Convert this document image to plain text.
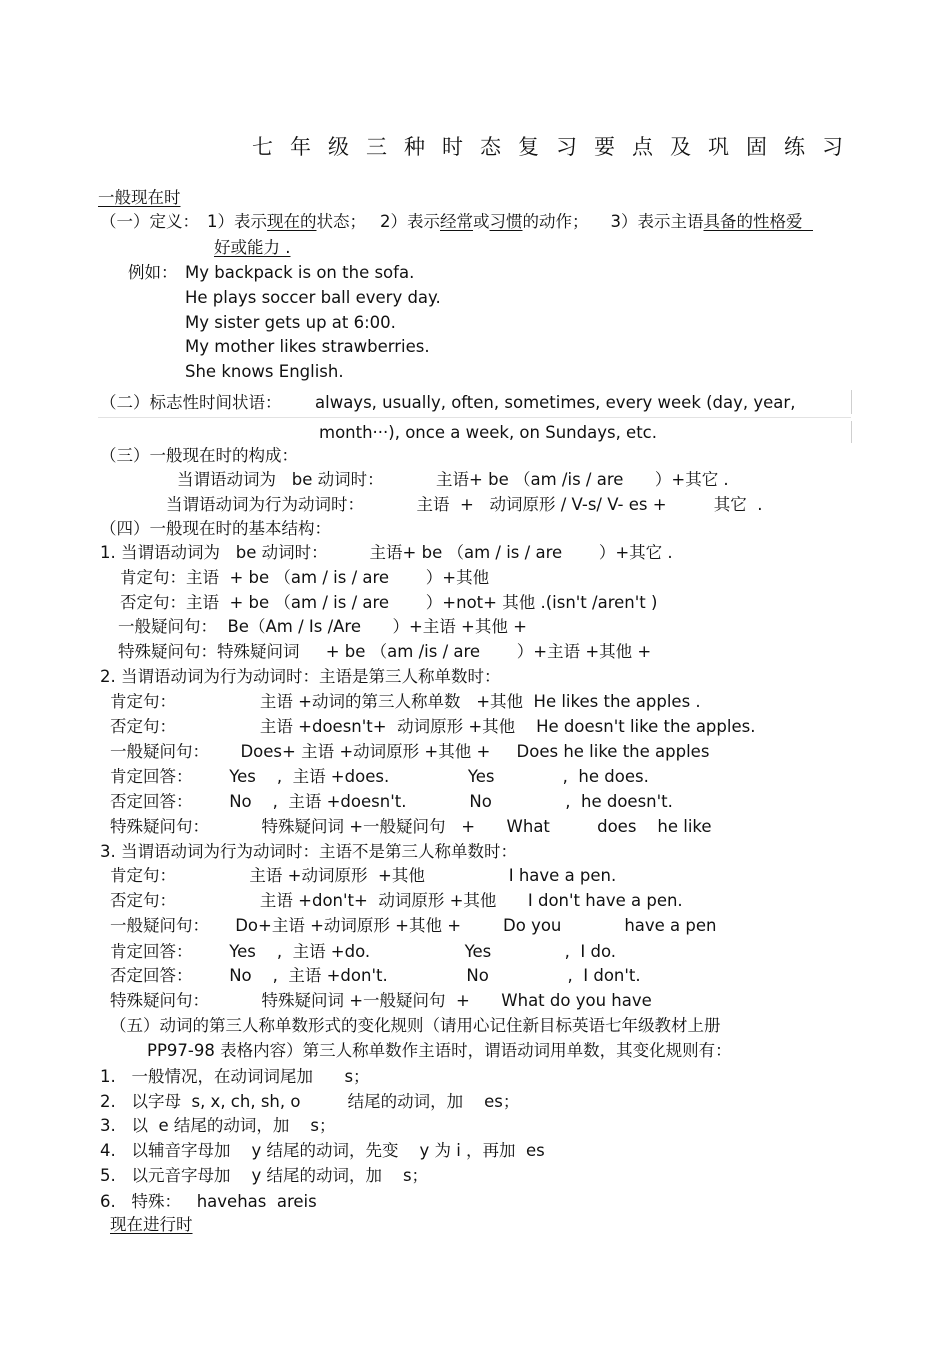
七年级三种时态复习要点及巩固练习
一般现在时
（一）定义： 1）表示现在的状态； 2）表示经常或习惯的动作； 3）表示主语具备的性格爱
好或能力 .
例如： My backpack is on the sofa.
He plays soccer ball every day.
My sister gets up at 6:00.
My mother likes strawberries.
She knows English.
（二）标志性时间状语： always, usually, often, sometimes, every week (day, year,
month···), once a week, on Sundays, etc.
（三）一般现在时的构成：
当谓语动词为   be 动词时：          主语+ be （am /is / are      ）+其它 .
当谓语动词为行为动词时：          主语  +   动词原形 / V-s/ V- es +         其它  .
（四）一般现在时的基本结构：
1. 当谓语动词为   be 动词时：        主语+ be （am / is / are       ）+其它 .
肯定句：主语  + be （am / is / are       ）+其他
否定句：主语  + be （am / is / are       ）+not+ 其他 .(isn't /aren't )
一般疑问句：  Be（Am / Is /Are      ）+主语 +其他 +
特殊疑问句：特殊疑问词     + be （am /is / are       ）+主语 +其他 +
2. 当谓语动词为行为动词时：主语是第三人称单数时：
肯定句：                主语 +动词的第三人称单数   +其他  He likes the apples .
否定句：                主语 +doesn't+  动词原形 +其他    He doesn't like the apples.
一般疑问句：      Does+ 主语 +动词原形 +其他 +     Does he like the apples
肯定回答：       Yes    ,  主语 +does.               Yes             ,  he does.
否定回答：       No    ,  主语 +doesn't.            No              ,  he doesn't.
特殊疑问句：          特殊疑问词 +一般疑问句   +      What         does    he like
3. 当谓语动词为行为动词时：主语不是第三人称单数时：
肯定句：              主语 +动词原形  +其他                I have a pen.
否定句：                主语 +don't+  动词原形 +其他      I don't have a pen.
一般疑问句：     Do+主语 +动词原形 +其他 +        Do you            have a pen
肯定回答：       Yes    ,  主语 +do.                  Yes              ,  I do.
否定回答：       No    ,  主语 +don't.               No               ,  I don't.
特殊疑问句：          特殊疑问词 +一般疑问句  +      What do you have
（五）动词的第三人称单数形式的变化规则（请用心记住新目标英语七年级教材上册
PP97-98 表格内容）第三人称单数作主语时，谓语动词用单数，其变化规则有：
1.   一般情况，在动词词尾加      s；
2.   以字母  s, x, ch, sh, o         结尾的动词，加    es；
3.   以  e 结尾的动词，加    s；
4.   以辅音字母加    y 结尾的动词，先变    y 为 i ，再加  es
5.   以元音字母加    y 结尾的动词，加    s；
6.   特殊：   havehas  areis
现在进行时
